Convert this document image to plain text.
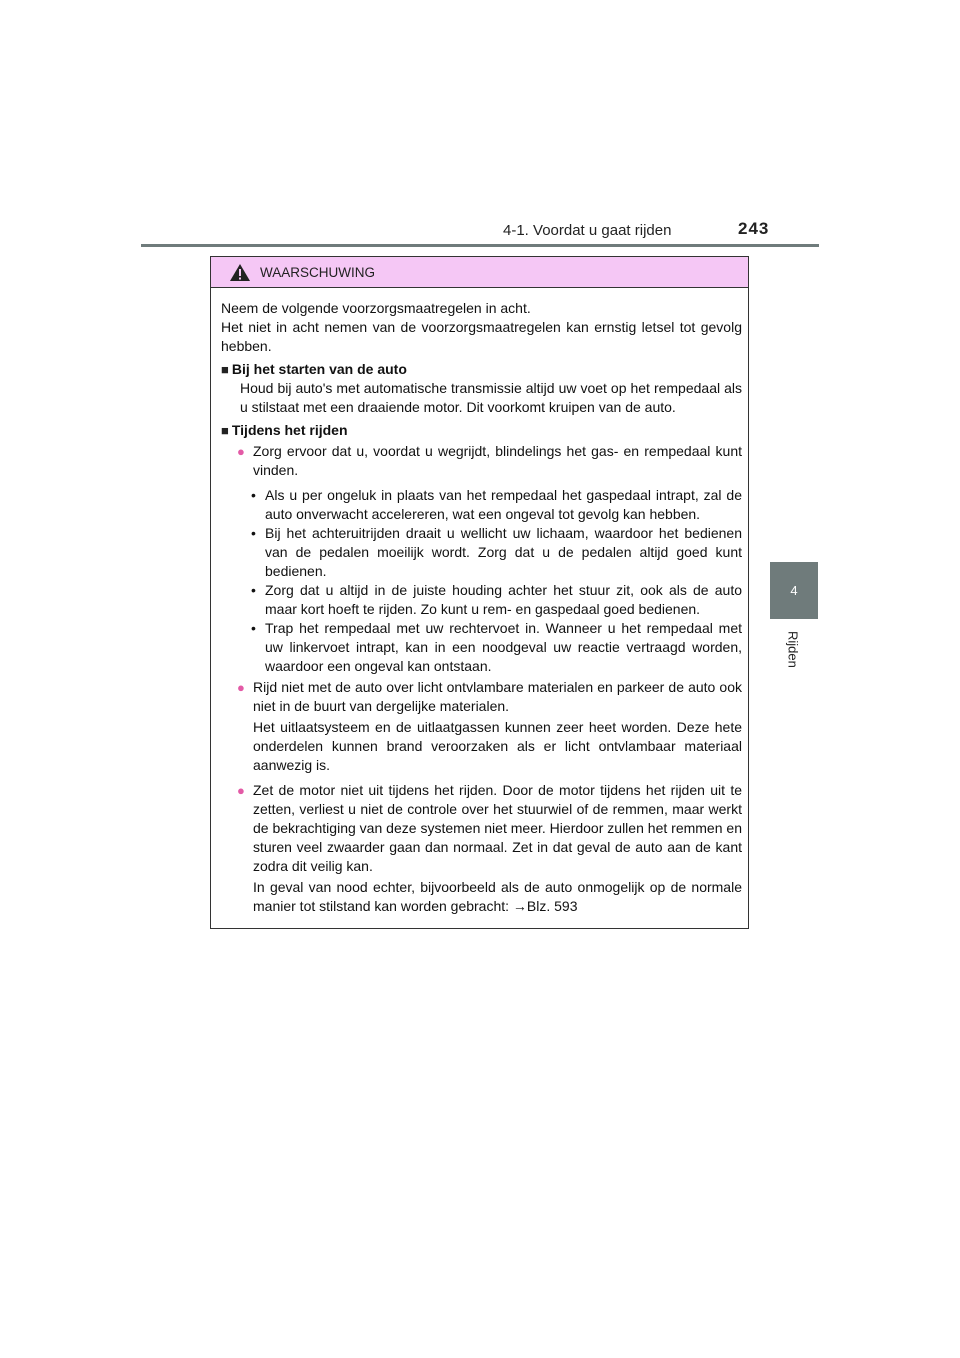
4-1. Voordat u gaat rijden	243
4
Rijden
WAARSCHUWING

Neem de volgende voorzorgsmaatregelen in acht.

Het niet in acht nemen van de voorzorgsmaatregelen kan ernstig letsel tot gevolg hebben.

■ Bij het starten van de auto

Houd bij auto's met automatische transmissie altijd uw voet op het rempedaal als u stilstaat met een draaiende motor. Dit voorkomt kruipen van de auto.

■ Tijdens het rijden

● Zorg ervoor dat u, voordat u wegrijdt, blindelings het gas- en rempedaal kunt vinden.

• Als u per ongeluk in plaats van het rempedaal het gaspedaal intrapt, zal de auto onverwacht accelereren, wat een ongeval tot gevolg kan hebben.

• Bij het achteruitrijden draait u wellicht uw lichaam, waardoor het bedienen van de pedalen moeilijk wordt. Zorg dat u de pedalen altijd goed kunt bedienen.

• Zorg dat u altijd in de juiste houding achter het stuur zit, ook als de auto maar kort hoeft te rijden. Zo kunt u rem- en gaspedaal goed bedienen.

• Trap het rempedaal met uw rechtervoet in. Wanneer u het rempedaal met uw linkervoet intrapt, kan in een noodgeval uw reactie vertraagd worden, waardoor een ongeval kan ontstaan.

● Rijd niet met de auto over licht ontvlambare materialen en parkeer de auto ook niet in de buurt van dergelijke materialen.

Het uitlaatsysteem en de uitlaatgassen kunnen zeer heet worden. Deze hete onderdelen kunnen brand veroorzaken als er licht ontvlambaar materiaal aanwezig is.

● Zet de motor niet uit tijdens het rijden. Door de motor tijdens het rijden uit te zetten, verliest u niet de controle over het stuurwiel of de remmen, maar werkt de bekrachtiging van deze systemen niet meer. Hierdoor zullen het remmen en sturen veel zwaarder gaan dan normaal. Zet in dat geval de auto aan de kant zodra dit veilig kan.

In geval van nood echter, bijvoorbeeld als de auto onmogelijk op de normale manier tot stilstand kan worden gebracht: →Blz. 593
